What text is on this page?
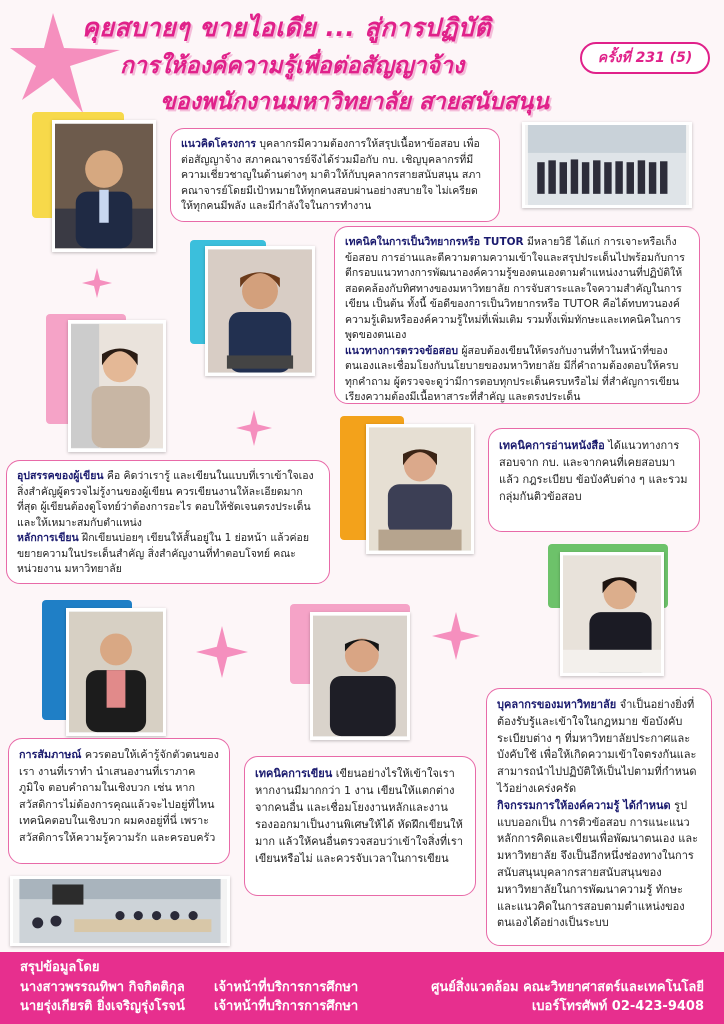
คุยสบายๆ ขายไอเดีย ... สู่การปฏิบัติ
ครั้งที่ 231 (5)
การให้องค์ความรู้เพื่อต่อสัญญาจ้าง
ของพนักงานมหาวิทยาลัย สายสนับสนุน
แนวคิดโครงการ บุคลากรมีความต้องการให้สรุปเนื้อหาข้อสอบ เพื่อต่อสัญญาจ้าง สภาคณาจารย์จึงได้ร่วมมือกับ กบ. เชิญบุคลากรที่มีความเชี่ยวชาญในด้านต่างๆ มาติวให้กับบุคลากรสายสนับสนุน สภาคณาจารย์โดยมีเป้าหมายให้ทุกคนสอบผ่านอย่างสบายใจ ไม่เครียด ให้ทุกคนมีพลัง และมีกำลังใจในการทำงาน
เทคนิคในการเป็นวิทยากรหรือ TUTOR มีหลายวิธี ได้แก่ การเจาะหรือเก็งข้อสอบ การอ่านและตีความตามความเข้าใจและสรุปประเด็นไปพร้อมกับการตีกรอบแนวทางการพัฒนาองค์ความรู้ของตนเองตามตำแหน่งงานที่ปฏิบัติให้สอดคล้องกับทิศทางของมหาวิทยาลัย การจับสาระและใจความสำคัญในการเขียน เป็นต้น ทั้งนี้ ข้อดีของการเป็นวิทยากรหรือ TUTOR คือได้ทบทวนองค์ความรู้เดิมหรือองค์ความรู้ใหม่ที่เพิ่มเติม รวมทั้งเพิ่มทักษะและเทคนิคในการพูดของตนเอง
แนวทางการตรวจข้อสอบ ผู้สอบต้องเขียนให้ตรงกับงานที่ทำในหน้าที่ของตนเองและเชื่อมโยงกับนโยบายของมหาวิทยาลัย มีกี่คำถามต้องตอบให้ครบทุกคำถาม ผู้ตรวจจะดูว่ามีการตอบทุกประเด็นครบหรือไม่ ที่สำคัญการเขียนเรียงความต้องมีเนื้อหาสาระที่สำคัญ และตรงประเด็น
เทคนิคการอ่านหนังสือ ได้แนวทางการสอบจาก กบ. และจากคนที่เคยสอบมาแล้ว กฎระเบียบ ข้อบังคับต่าง ๆ และรวมกลุ่มกันติวข้อสอบ
อุปสรรคของผู้เขียน คือ คิดว่าเรารู้ และเขียนในแบบที่เราเข้าใจเอง สิ่งสำคัญผู้ตรวจไม่รู้งานของผู้เขียน ควรเขียนงานให้ละเอียดมากที่สุด ผู้เขียนต้องดูโจทย์ว่าต้องการอะไร ตอบให้ชัดเจนตรงประเด็นและให้เหมาะสมกับตำแหน่ง
หลักการเขียน ฝึกเขียนบ่อยๆ เขียนให้สั้นอยู่ใน 1 ย่อหน้า แล้วค่อยขยายความในประเด็นสำคัญ สิ่งสำคัญงานที่ทำตอบโจทย์ คณะ หน่วยงาน มหาวิทยาลัย
บุคลากรของมหาวิทยาลัย จำเป็นอย่างยิ่งที่ต้องรับรู้และเข้าใจในกฎหมาย ข้อบังคับ ระเบียบต่าง ๆ ที่มหาวิทยาลัยประกาศและบังคับใช้ เพื่อให้เกิดความเข้าใจตรงกันและสามารถนำไปปฏิบัติให้เป็นไปตามที่กำหนดไว้อย่างเคร่งครัด
กิจกรรมการให้องค์ความรู้ ได้กำหนด รูปแบบออกเป็น การติวข้อสอบ การแนะแนวหลักการคิดและเขียนเพื่อพัฒนาตนเอง และมหาวิทยาลัย จึงเป็นอีกหนึ่งช่องทางในการสนับสนุนบุคลากรสายสนับสนุนของมหาวิทยาลัยในการพัฒนาความรู้ ทักษะ และแนวคิดในการสอบตามตำแหน่งของตนเองได้อย่างเป็นระบบ
การสัมภาษณ์ ควรตอบให้เค้ารู้จักตัวตนของเรา งานที่เราทำ นำเสนองานที่เราภาคภูมิใจ ตอบคำถามในเชิงบวก เช่น หากสวัสดิการไม่ต้องการคุณแล้วจะไปอยู่ที่ไหน เทคนิคตอบในเชิงบวก ผมคงอยู่ที่นี่ เพราะสวัสดิการให้ความรู้ความรัก และครอบครัว
เทคนิคการเขียน เขียนอย่างไรให้เข้าใจเราหากงานมีมากกว่า 1 งาน เขียนให้แตกต่างจากคนอื่น และเชื่อมโยงงานหลักและงานรองออกมาเป็นงานพิเศษให้ได้ หัดฝึกเขียนให้มาก แล้วให้คนอื่นตรวจสอบว่าเข้าใจสิ่งที่เราเขียนหรือไม่ และควรจับเวลาในการเขียน
สรุปข้อมูลโดย
นางสาวพรรณทิพา กิจกิตติกุล เจ้าหน้าที่บริการการศึกษา
นายรุ่งเกียรติ ยิ่งเจริญรุ่งโรจน์ เจ้าหน้าที่บริการการศึกษา
ศูนย์สิ่งแวดล้อม คณะวิทยาศาสตร์และเทคโนโลยี
เบอร์โทรศัพท์ 02-423-9408
